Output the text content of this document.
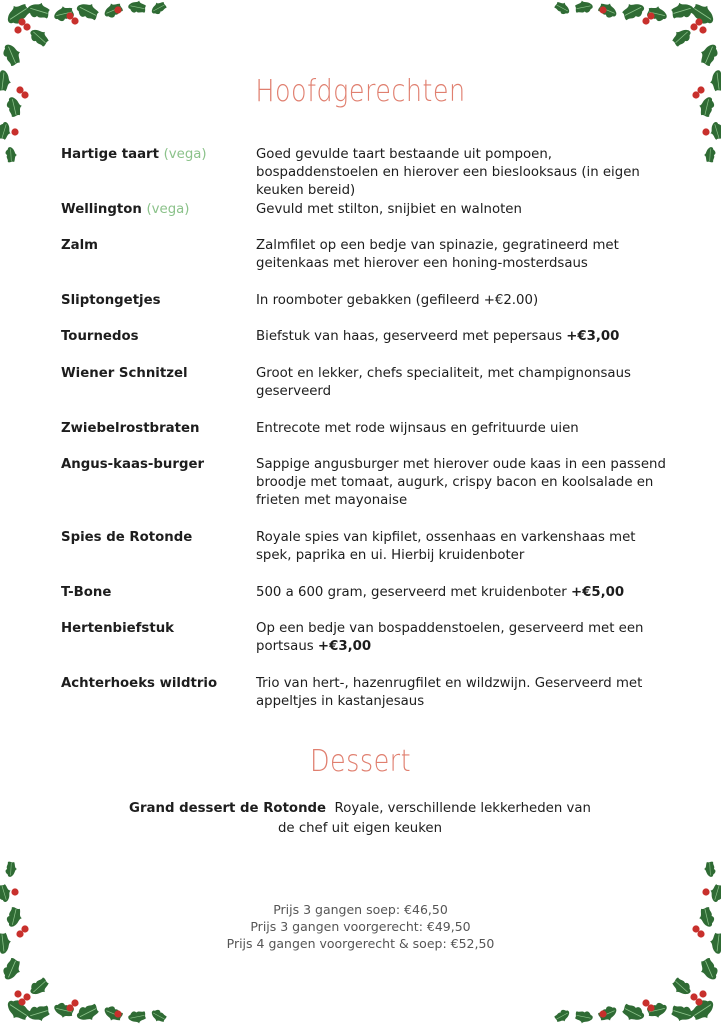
Hoofdgerechten
Hartige taart (vega)	Goed gevulde taart bestaande uit pompoen, bospaddenstoelen en hierover een bieslooksaus (in eigen keuken bereid)
Wellington (vega)	Gevuld met stilton, snijbiet en walnoten
Zalm	Zalmfilet op een bedje van spinazie, gegratineerd met geitenkaas met hierover een honing-mosterdsaus
Sliptongetjes	In roomboter gebakken (gefileerd +€2.00)
Tournedos	Biefstuk van haas, geserveerd met pepersaus +€3,00
Wiener Schnitzel	Groot en lekker, chefs specialiteit, met champignonsaus geserveerd
Zwiebelrostbraten	Entrecote met rode wijnsaus en gefrituurde uien
Angus-kaas-burger	Sappige angusburger met hierover oude kaas in een passend broodje met tomaat, augurk, crispy bacon en koolsalade en frieten met mayonaise
Spies de Rotonde	Royale spies van kipfilet, ossenhaas en varkenshaas met spek, paprika en ui. Hierbij kruidenboter
T-Bone	500 a 600 gram, geserveerd met kruidenboter +€5,00
Hertenbiefstuk	Op een bedje van bospaddenstoelen, geserveerd met een portsaus +€3,00
Achterhoeks wildtrio	Trio van hert-, hazenrugfilet en wildzwijn. Geserveerd met appeltjes in kastanjesaus
Dessert
Grand dessert de Rotonde Royale, verschillende lekkerheden van de chef uit eigen keuken
Prijs 3 gangen soep: €46,50
Prijs 3 gangen voorgerecht: €49,50
Prijs 4 gangen voorgerecht & soep: €52,50
